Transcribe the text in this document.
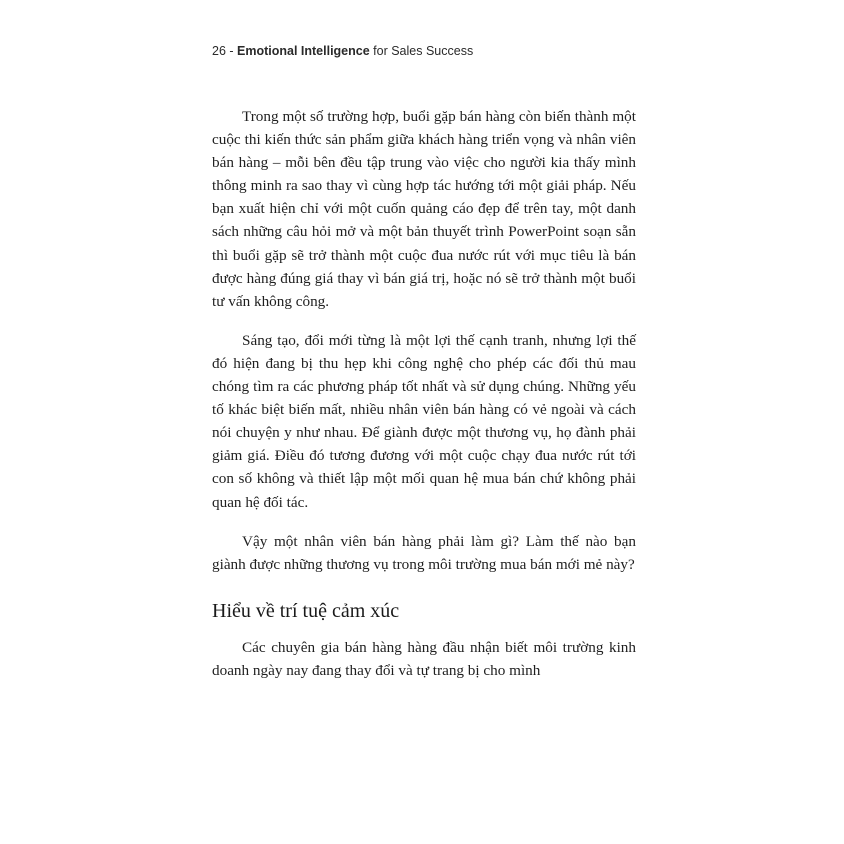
26 - Emotional Intelligence for Sales Success

Trong một số trường hợp, buổi gặp bán hàng còn biến thành một cuộc thi kiến thức sản phẩm giữa khách hàng triển vọng và nhân viên bán hàng – mỗi bên đều tập trung vào việc cho người kia thấy mình thông minh ra sao thay vì cùng hợp tác hướng tới một giải pháp. Nếu bạn xuất hiện chỉ với một cuốn quảng cáo đẹp để trên tay, một danh sách những câu hỏi mở và một bản thuyết trình PowerPoint soạn sẵn thì buổi gặp sẽ trở thành một cuộc đua nước rút với mục tiêu là bán được hàng đúng giá thay vì bán giá trị, hoặc nó sẽ trở thành một buổi tư vấn không công.

Sáng tạo, đổi mới từng là một lợi thế cạnh tranh, nhưng lợi thế đó hiện đang bị thu hẹp khi công nghệ cho phép các đối thủ mau chóng tìm ra các phương pháp tốt nhất và sử dụng chúng. Những yếu tố khác biệt biến mất, nhiều nhân viên bán hàng có vẻ ngoài và cách nói chuyện y như nhau. Để giành được một thương vụ, họ đành phải giảm giá. Điều đó tương đương với một cuộc chạy đua nước rút tới con số không và thiết lập một mối quan hệ mua bán chứ không phải quan hệ đối tác.

Vậy một nhân viên bán hàng phải làm gì? Làm thế nào bạn giành được những thương vụ trong môi trường mua bán mới mẻ này?

Hiểu về trí tuệ cảm xúc

Các chuyên gia bán hàng hàng đầu nhận biết môi trường kinh doanh ngày nay đang thay đổi và tự trang bị cho mình
